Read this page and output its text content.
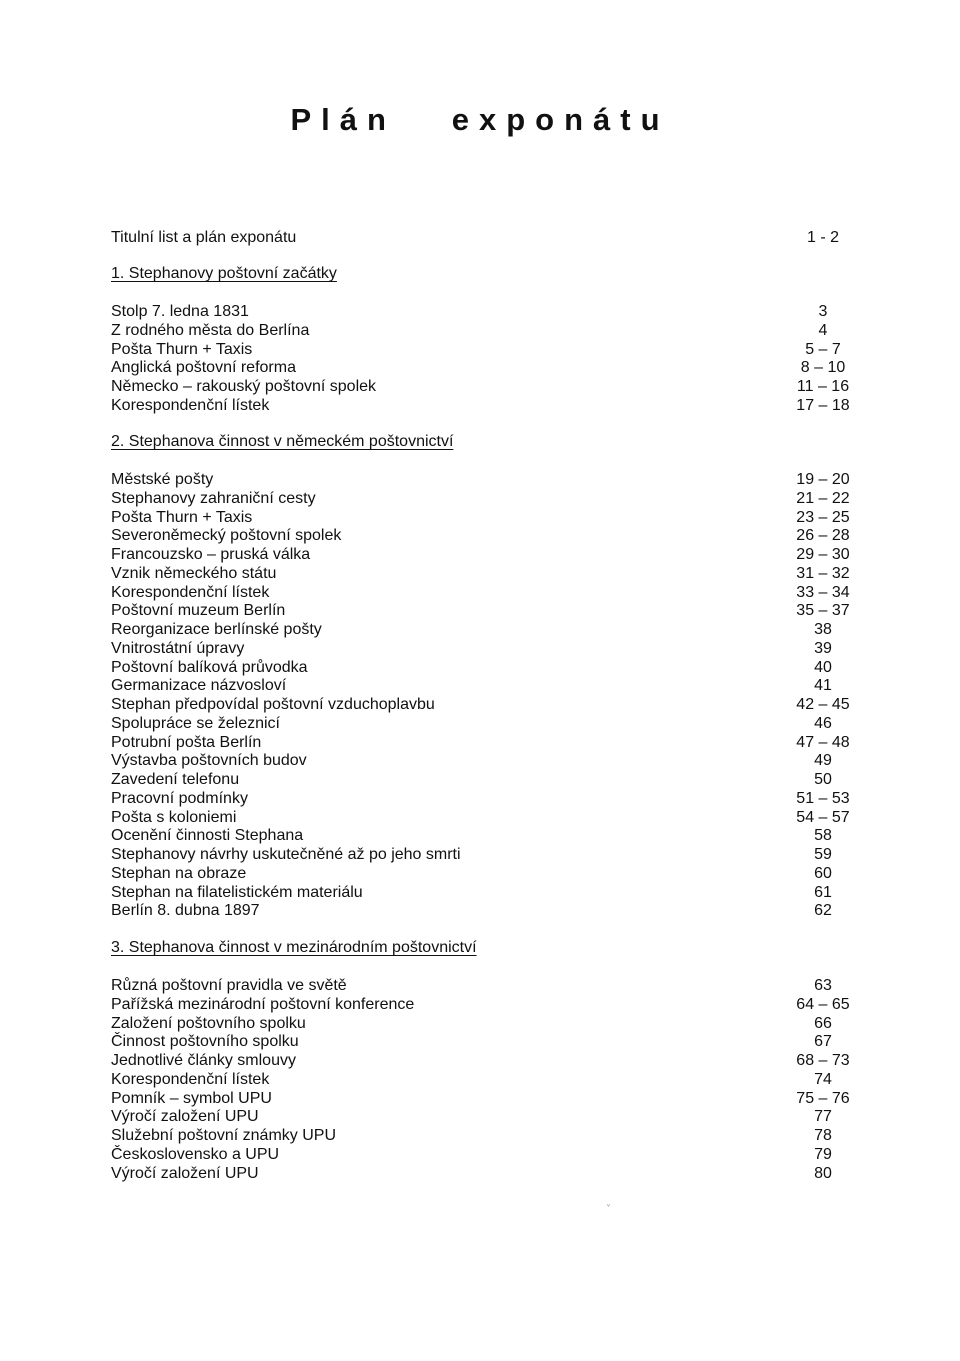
Plán   exponátu
Titulní list a plán exponátu	1 - 2
1. Stephanovy poštovní začátky
Stolp 7. ledna 1831	3
Z rodného města do Berlína	4
Pošta Thurn + Taxis	5 – 7
Anglická poštovní reforma	8 – 10
Německo – rakouský poštovní spolek	11 – 16
Korespondenční lístek	17 – 18
2. Stephanova činnost v německém poštovnictví
Městské pošty	19 – 20
Stephanovy zahraniční cesty	21 – 22
Pošta Thurn + Taxis	23 – 25
Severoněmecký poštovní spolek	26 – 28
Francouzsko – pruská válka	29 – 30
Vznik německého státu	31 – 32
Korespondenční lístek	33 – 34
Poštovní muzeum Berlín	35 – 37
Reorganizace berlínské pošty	38
Vnitrostátní úpravy	39
Poštovní balíková průvodka	40
Germanizace názvosloví	41
Stephan předpovídal poštovní vzduchoplavbu	42 – 45
Spolupráce se železnicí	46
Potrubní pošta Berlín	47 – 48
Výstavba poštovních budov	49
Zavedení telefonu	50
Pracovní podmínky	51 – 53
Pošta s koloniemi	54 – 57
Ocenění činnosti Stephana	58
Stephanovy návrhy uskutečněné až po jeho smrti	59
Stephan na obraze	60
Stephan na filatelistickém materiálu	61
Berlín 8. dubna 1897	62
3. Stephanova činnost v mezinárodním poštovnictví
Různá poštovní pravidla ve světě	63
Pařížská mezinárodní poštovní konference	64 – 65
Založení poštovního spolku	66
Činnost poštovního spolku	67
Jednotlivé články smlouvy	68 – 73
Korespondenční lístek	74
Pomník – symbol UPU	75 – 76
Výročí založení UPU	77
Služební poštovní známky UPU	78
Československo a UPU	79
Výročí založení UPU	80
˅
